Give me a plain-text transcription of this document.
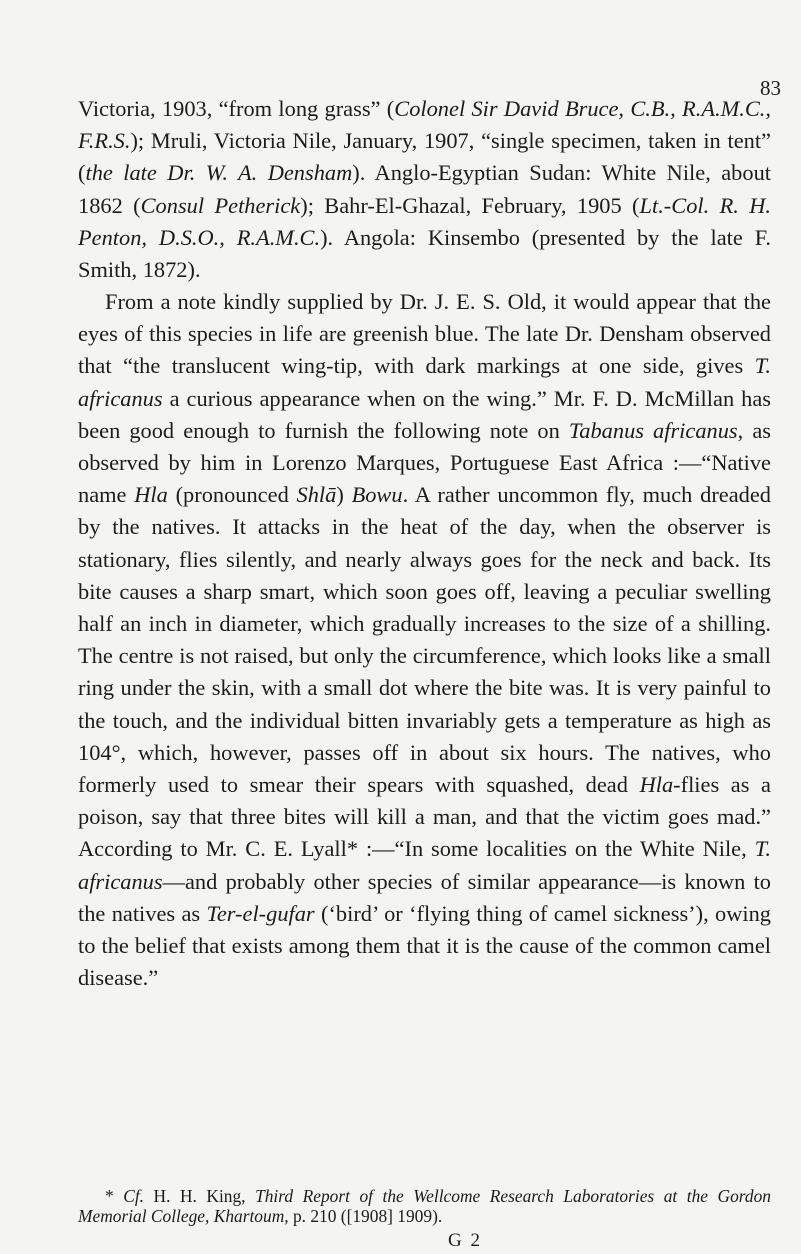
83

Victoria, 1903, “from long grass” (Colonel Sir David Bruce, C.B., R.A.M.C., F.R.S.); Mruli, Victoria Nile, January, 1907, “single specimen, taken in tent” (the late Dr. W. A. Densham). Anglo-Egyptian Sudan: White Nile, about 1862 (Consul Petherick); Bahr-El-Ghazal, February, 1905 (Lt.-Col. R. H. Penton, D.S.O., R.A.M.C.). Angola: Kinsembo (presented by the late F. Smith, 1872).

From a note kindly supplied by Dr. J. E. S. Old, it would appear that the eyes of this species in life are greenish blue. The late Dr. Densham observed that “the translucent wing-tip, with dark markings at one side, gives T. africanus a curious appearance when on the wing.” Mr. F. D. McMillan has been good enough to furnish the following note on Tabanus africanus, as observed by him in Lorenzo Marques, Portuguese East Africa :—“Native name Hla (pronounced Shlā) Bowu. A rather uncommon fly, much dreaded by the natives. It attacks in the heat of the day, when the observer is stationary, flies silently, and nearly always goes for the neck and back. Its bite causes a sharp smart, which soon goes off, leaving a peculiar swelling half an inch in diameter, which gradually increases to the size of a shilling. The centre is not raised, but only the circumference, which looks like a small ring under the skin, with a small dot where the bite was. It is very painful to the touch, and the individual bitten invariably gets a temperature as high as 104°, which, however, passes off in about six hours. The natives, who formerly used to smear their spears with squashed, dead Hla-flies as a poison, say that three bites will kill a man, and that the victim goes mad.” According to Mr. C. E. Lyall* :—“In some localities on the White Nile, T. africanus—and probably other species of similar appearance—is known to the natives as Ter-el-gufar (‘bird’ or ‘flying thing of camel sickness’), owing to the belief that exists among them that it is the cause of the common camel disease.”

* Cf. H. H. King, Third Report of the Wellcome Research Laboratories at the Gordon Memorial College, Khartoum, p. 210 ([1908] 1909).

G 2
